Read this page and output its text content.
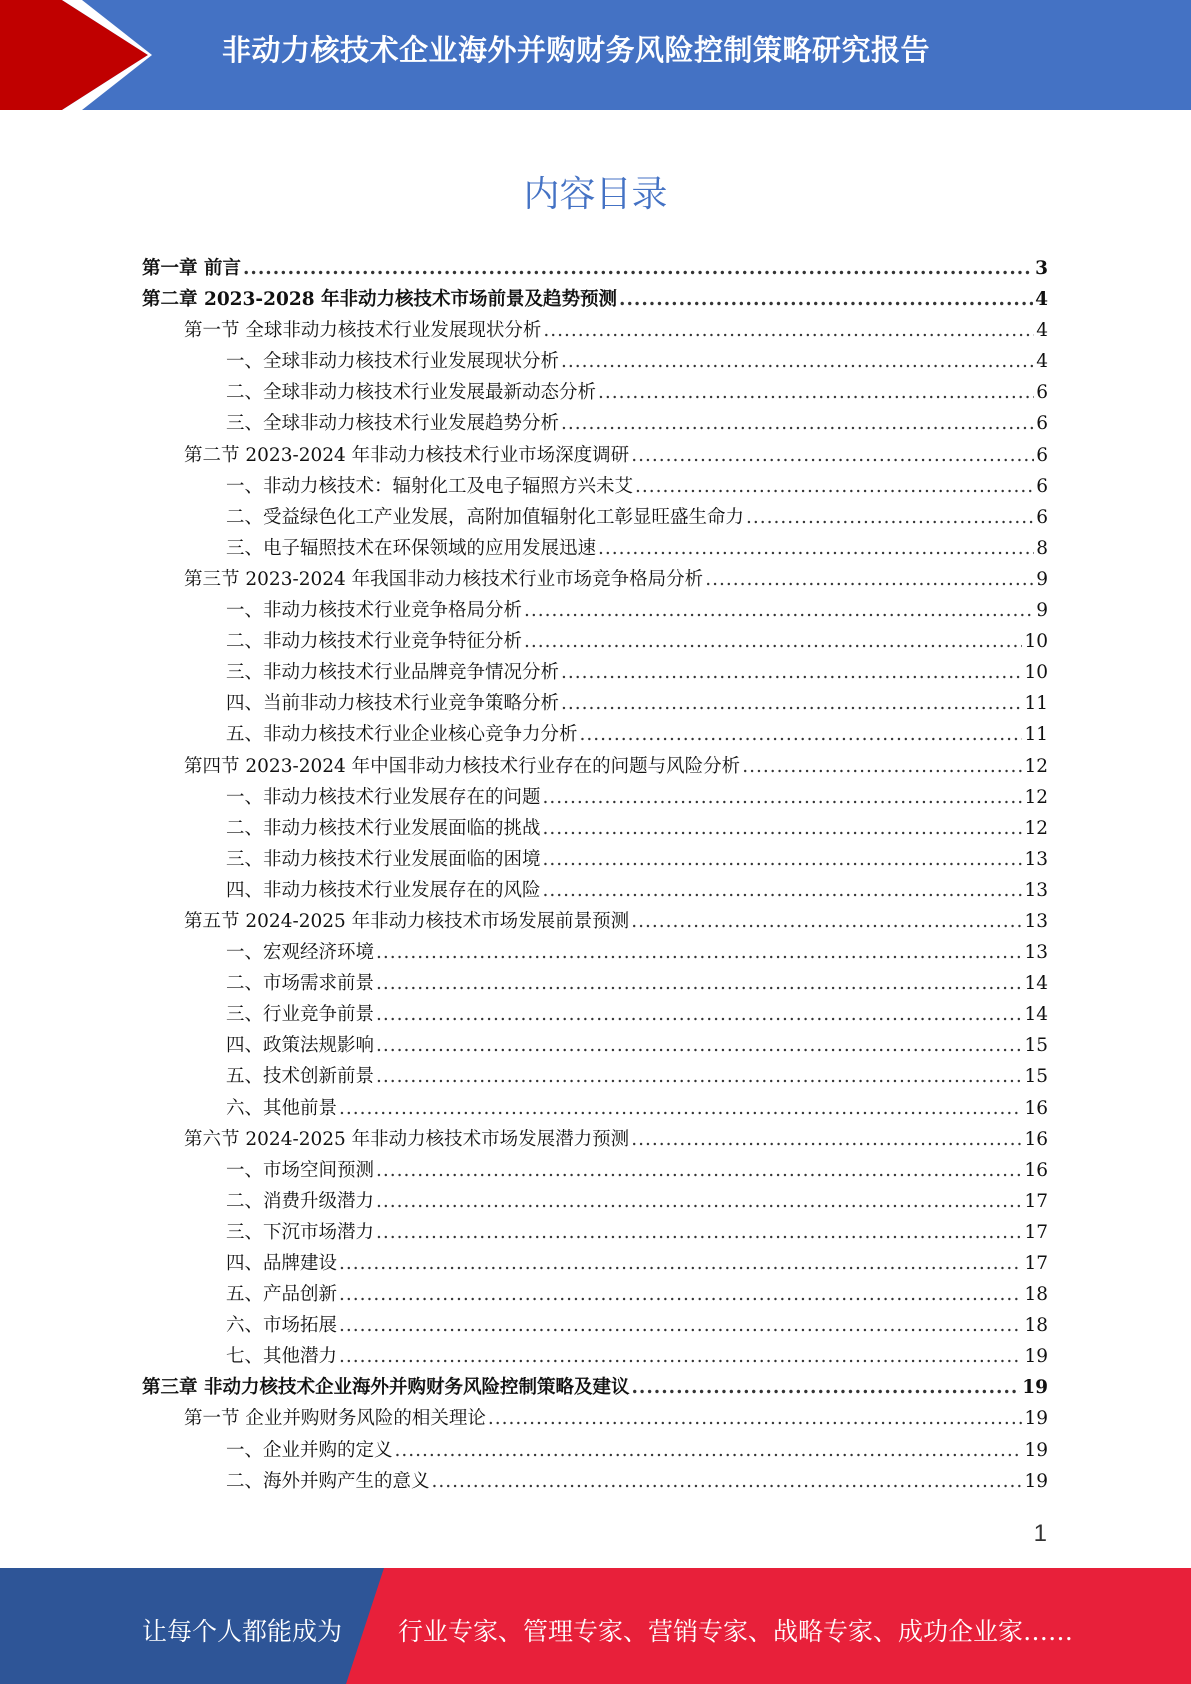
非动力核技术企业海外并购财务风险控制策略研究报告
内容目录
第一章 前言 .....	3
第二章 2023-2028 年非动力核技术市场前景及趋势预测 .....	4
第一节 全球非动力核技术行业发展现状分析 .....	4
一、全球非动力核技术行业发展现状分析 .....	4
二、全球非动力核技术行业发展最新动态分析 .....	6
三、全球非动力核技术行业发展趋势分析 .....	6
第二节 2023-2024 年非动力核技术行业市场深度调研 .....	6
一、非动力核技术：辐射化工及电子辐照方兴未艾 .....	6
二、受益绿色化工产业发展，高附加值辐射化工彰显旺盛生命力 .....	6
三、电子辐照技术在环保领域的应用发展迅速 .....	8
第三节 2023-2024 年我国非动力核技术行业市场竞争格局分析 .....	9
一、非动力核技术行业竞争格局分析 .....	9
二、非动力核技术行业竞争特征分析 .....	10
三、非动力核技术行业品牌竞争情况分析 .....	10
四、当前非动力核技术行业竞争策略分析 .....	11
五、非动力核技术行业企业核心竞争力分析 .....	11
第四节 2023-2024 年中国非动力核技术行业存在的问题与风险分析 .....	12
一、非动力核技术行业发展存在的问题 .....	12
二、非动力核技术行业发展面临的挑战 .....	12
三、非动力核技术行业发展面临的困境 .....	13
四、非动力核技术行业发展存在的风险 .....	13
第五节 2024-2025 年非动力核技术市场发展前景预测 .....	13
一、宏观经济环境 .....	13
二、市场需求前景 .....	14
三、行业竞争前景 .....	14
四、政策法规影响 .....	15
五、技术创新前景 .....	15
六、其他前景 .....	16
第六节 2024-2025 年非动力核技术市场发展潜力预测 .....	16
一、市场空间预测 .....	16
二、消费升级潜力 .....	17
三、下沉市场潜力 .....	17
四、品牌建设 .....	17
五、产品创新 .....	18
六、市场拓展 .....	18
七、其他潜力 .....	19
第三章 非动力核技术企业海外并购财务风险控制策略及建议 .....	19
第一节 企业并购财务风险的相关理论 .....	19
一、企业并购的定义 .....	19
二、海外并购产生的意义 .....	19
1
让每个人都能成为 行业专家、管理专家、营销专家、战略专家、成功企业家……
